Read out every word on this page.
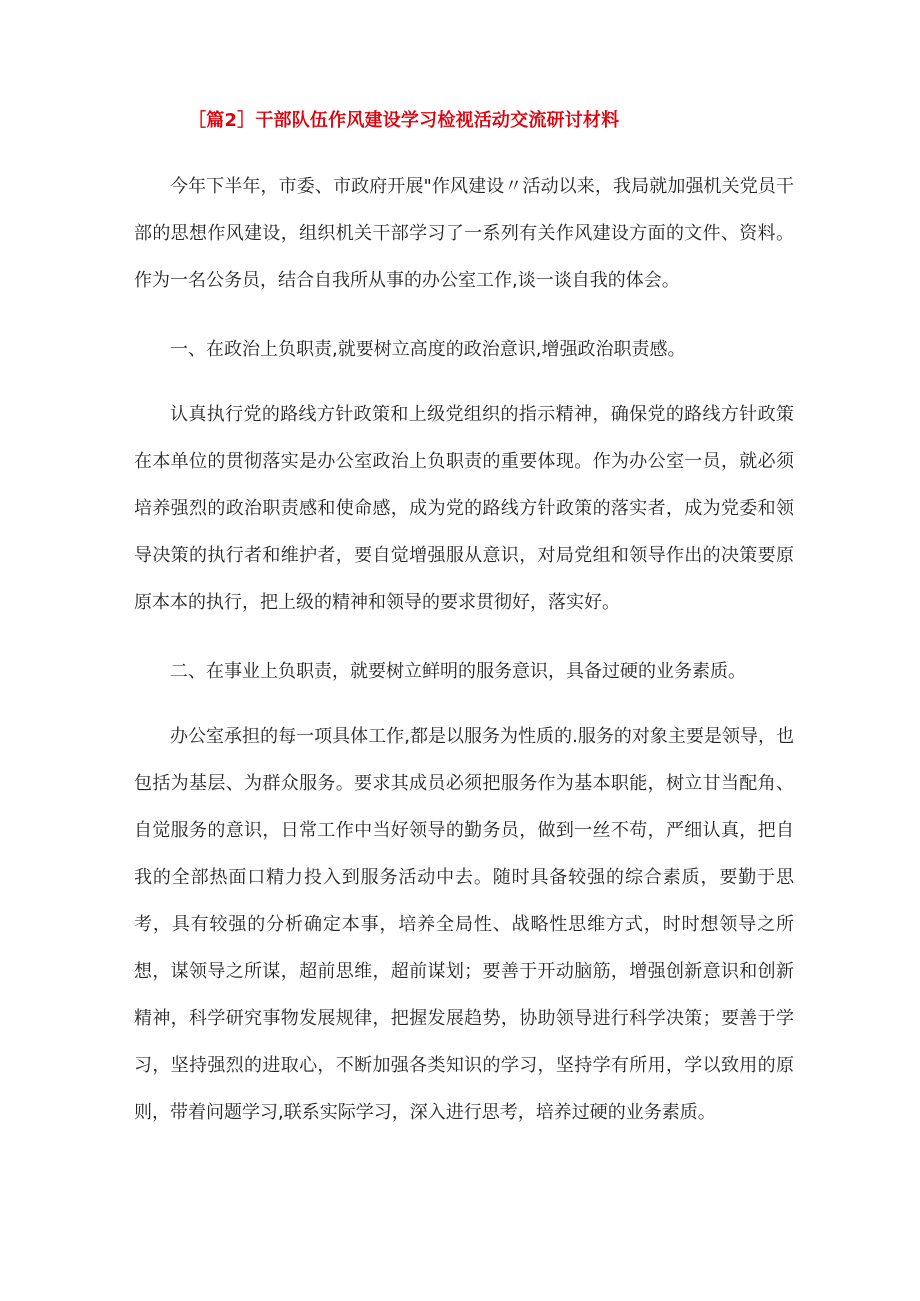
［篇2］干部队伍作风建设学习检视活动交流研讨材料

今年下半年，市委、市政府开展"作风建设〃活动以来，我局就加强机关党员干部的思想作风建设，组织机关干部学习了一系列有关作风建设方面的文件、资料。作为一名公务员，结合自我所从事的办公室工作,谈一谈自我的体会。

一、在政治上负职责,就要树立高度的政治意识,增强政治职责感。

认真执行党的路线方针政策和上级党组织的指示精神，确保党的路线方针政策在本单位的贯彻落实是办公室政治上负职责的重要体现。作为办公室一员，就必须培养强烈的政治职责感和使命感，成为党的路线方针政策的落实者，成为党委和领导决策的执行者和维护者，要自觉增强服从意识，对局党组和领导作出的决策要原原本本的执行，把上级的精神和领导的要求贯彻好，落实好。

二、在事业上负职责，就要树立鲜明的服务意识，具备过硬的业务素质。

办公室承担的每一项具体工作,都是以服务为性质的.服务的对象主要是领导，也包括为基层、为群众服务。要求其成员必须把服务作为基本职能，树立甘当配角、自觉服务的意识，日常工作中当好领导的勤务员，做到一丝不苟，严细认真，把自我的全部热面口精力投入到服务活动中去。随时具备较强的综合素质，要勤于思考，具有较强的分析确定本事，培养全局性、战略性思维方式，时时想领导之所想，谋领导之所谋，超前思维，超前谋划；要善于开动脑筋，增强创新意识和创新精神，科学研究事物发展规律，把握发展趋势，协助领导进行科学决策；要善于学习，坚持强烈的进取心，不断加强各类知识的学习，坚持学有所用，学以致用的原则，带着问题学习,联系实际学习，深入进行思考，培养过硬的业务素质。
